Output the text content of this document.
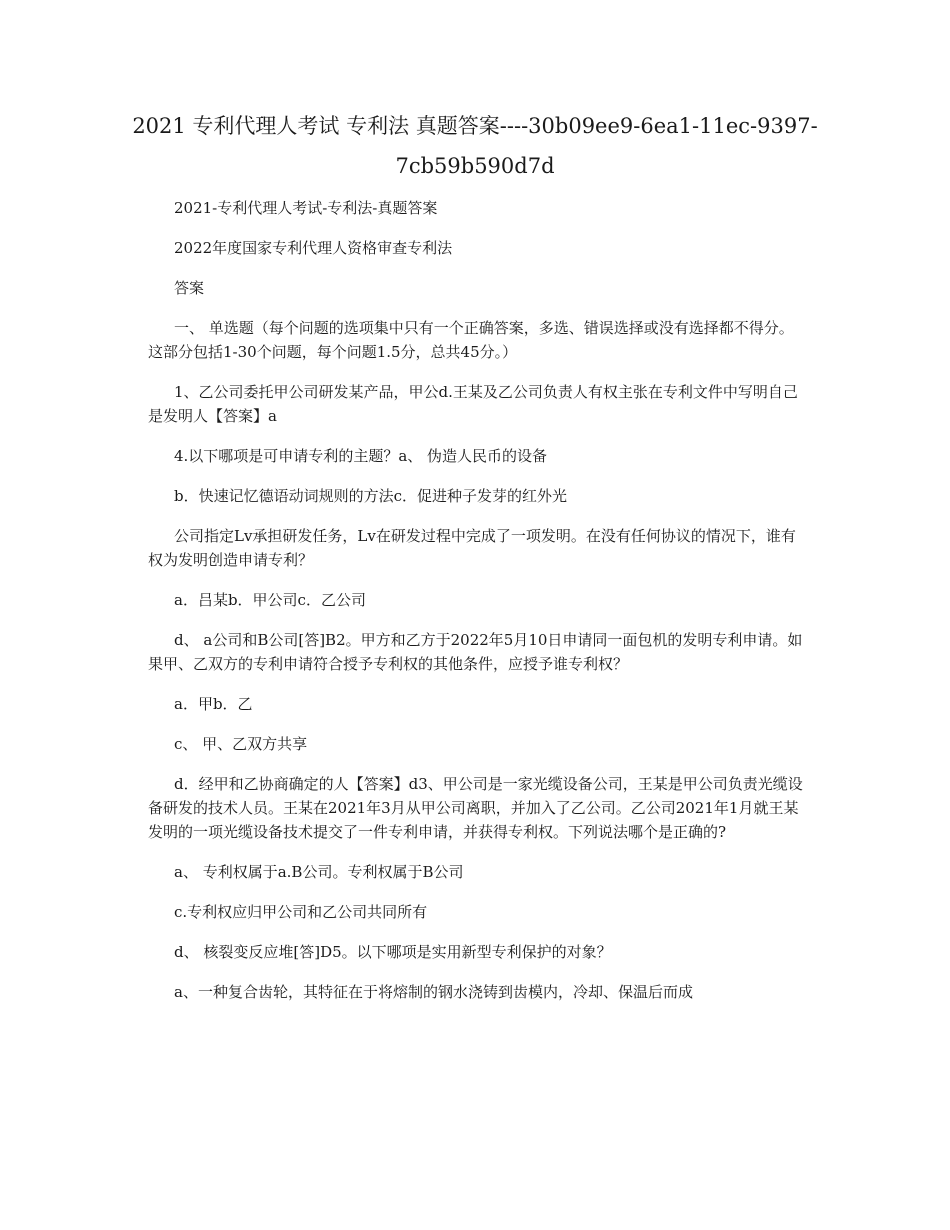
2021 专利代理人考试 专利法 真题答案----30b09ee9-6ea1-11ec-9397-7cb59b590d7d

2021-专利代理人考试-专利法-真题答案

2022年度国家专利代理人资格审查专利法

答案

一、 单选题（每个问题的选项集中只有一个正确答案，多选、错误选择或没有选择都不得分。这部分包括1-30个问题，每个问题1.5分，总共45分。）

1、乙公司委托甲公司研发某产品，甲公d.王某及乙公司负责人有权主张在专利文件中写明自己是发明人【答案】a

4.以下哪项是可申请专利的主题？a、 伪造人民币的设备

b．快速记忆德语动词规则的方法c．促进种子发芽的红外光

公司指定Lv承担研发任务，Lv在研发过程中完成了一项发明。在没有任何协议的情况下，谁有权为发明创造申请专利？

a．吕某b．甲公司c．乙公司

d、 a公司和B公司[答]B2。甲方和乙方于2022年5月10日申请同一面包机的发明专利申请。如果甲、乙双方的专利申请符合授予专利权的其他条件，应授予谁专利权？

a．甲b．乙

c、 甲、乙双方共享

d．经甲和乙协商确定的人【答案】d3、甲公司是一家光缆设备公司，王某是甲公司负责光缆设备研发的技术人员。王某在2021年3月从甲公司离职，并加入了乙公司。乙公司2021年1月就王某发明的一项光缆设备技术提交了一件专利申请，并获得专利权。下列说法哪个是正确的?

a、 专利权属于a.B公司。专利权属于B公司

c.专利权应归甲公司和乙公司共同所有

d、 核裂变反应堆[答]D5。以下哪项是实用新型专利保护的对象？

a、一种复合齿轮，其特征在于将熔制的钢水浇铸到齿模内，冷却、保温后而成
